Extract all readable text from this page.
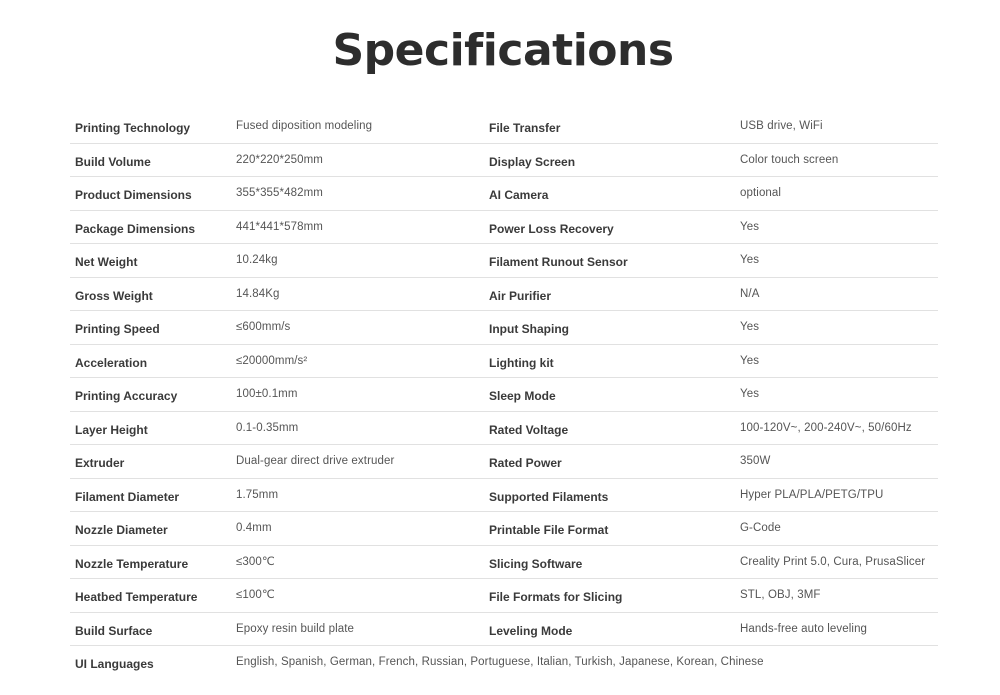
Specifications
Printing Technology	Fused diposition modeling	File Transfer	USB drive, WiFi
Build Volume	220*220*250mm	Display Screen	Color touch screen
Product Dimensions	355*355*482mm	AI Camera	optional
Package Dimensions	441*441*578mm	Power Loss Recovery	Yes
Net Weight	10.24kg	Filament Runout Sensor	Yes
Gross Weight	14.84Kg	Air Purifier	N/A
Printing Speed	≤600mm/s	Input Shaping	Yes
Acceleration	≤20000mm/s²	Lighting kit	Yes
Printing Accuracy	100±0.1mm	Sleep Mode	Yes
Layer Height	0.1-0.35mm	Rated Voltage	100-120V~, 200-240V~, 50/60Hz
Extruder	Dual-gear direct drive extruder	Rated Power	350W
Filament Diameter	1.75mm	Supported Filaments	Hyper PLA/PLA/PETG/TPU
Nozzle Diameter	0.4mm	Printable File Format	G-Code
Nozzle Temperature	≤300℃	Slicing Software	Creality Print 5.0, Cura, PrusaSlicer
Heatbed Temperature	≤100℃	File Formats for Slicing	STL, OBJ, 3MF
Build Surface	Epoxy resin build plate	Leveling Mode	Hands-free auto leveling
UI Languages	English, Spanish, German, French, Russian, Portuguese, Italian, Turkish, Japanese, Korean, Chinese
